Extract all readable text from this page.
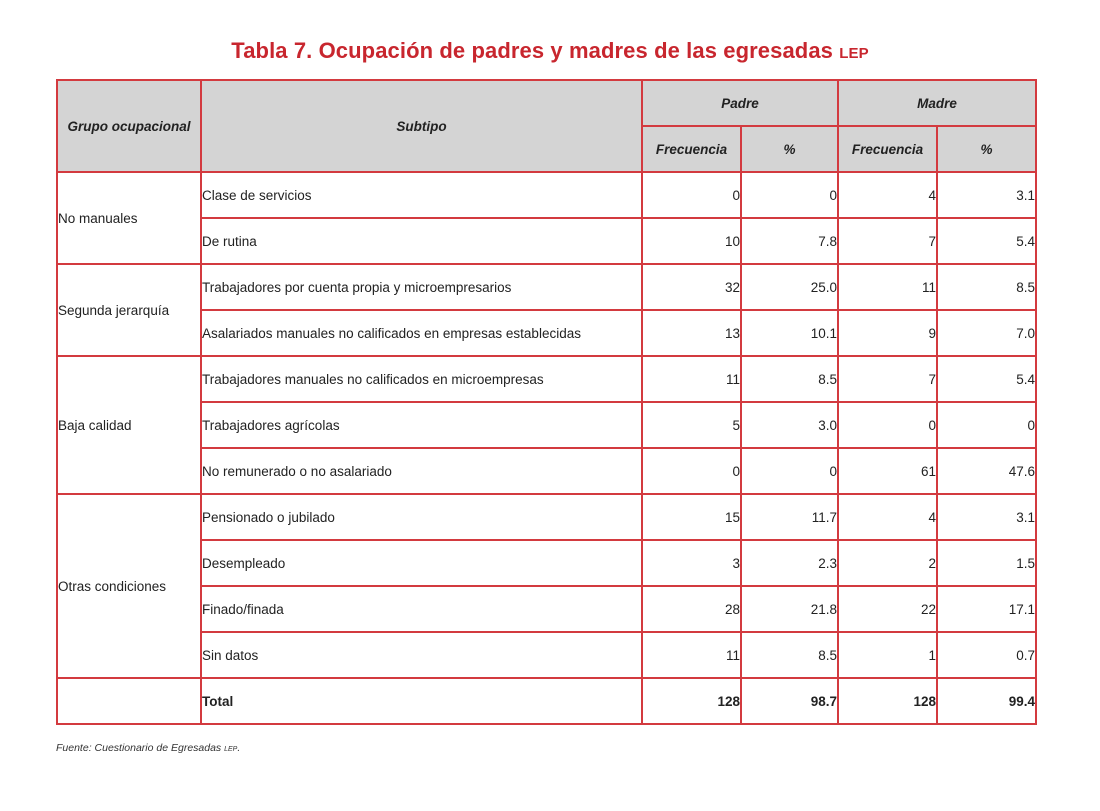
Tabla 7. Ocupación de padres y madres de las egresadas lep
Grupo ocupacional	Subtipo	Padre		Madre	
		Frecuencia	%	Frecuencia	%
No manuales	Clase de servicios	0	0	4	3.1
	De rutina	10	7.8	7	5.4
Segunda jerarquía	Trabajadores por cuenta propia y microempresarios	32	25.0	11	8.5
	Asalariados manuales no calificados en empresas establecidas	13	10.1	9	7.0
Baja calidad	Trabajadores manuales no calificados en microempresas	11	8.5	7	5.4
	Trabajadores agrícolas	5	3.0	0	0
	No remunerado o no asalariado	0	0	61	47.6
Otras condiciones	Pensionado o jubilado	15	11.7	4	3.1
	Desempleado	3	2.3	2	1.5
	Finado/finada	28	21.8	22	17.1
	Sin datos	11	8.5	1	0.7
	Total	128	98.7	128	99.4
Fuente: Cuestionario de Egresadas lep.
